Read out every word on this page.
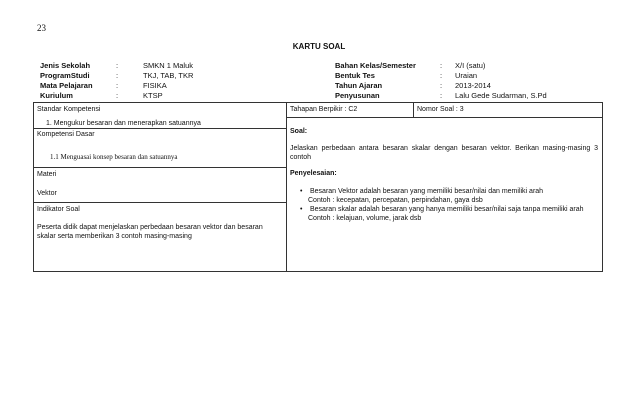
23
KARTU SOAL
Jenis Sekolah	:	SMKN 1 Maluk
ProgramStudi	:	TKJ, TAB, TKR
Mata Pelajaran	:	FISIKA
Kuriulum	:	KTSP
Bahan Kelas/Semester	:	X/I (satu)
Bentuk Tes	:	Uraian
Tahun Ajaran	:	2013-2014
Penyusunan	:	Lalu Gede Sudarman, S.Pd
Standar Kompetensi
1. Mengukur besaran dan menerapkan satuannya
Kompetensi Dasar
1.1 Menguasai konsep besaran dan satuannya
Materi
Vektor
Indikator Soal
Peserta didik dapat menjelaskan perbedaan besaran vektor dan besaran skalar serta memberikan 3 contoh masing-masing
Tahapan Berpikir : C2	Nomor Soal : 3
Soal:
Jelaskan perbedaan antara besaran skalar dengan besaran vektor. Berikan masing-masing 3 contoh
Penyelesaian:
• Besaran Vektor adalah besaran yang memiliki besar/nilai dan memiliki arah
Contoh : kecepatan, percepatan, perpindahan, gaya dsb
• Besaran skalar adalah besaran yang hanya memiliki besar/nilai saja tanpa memiliki arah
Contoh : kelajuan, volume, jarak dsb
